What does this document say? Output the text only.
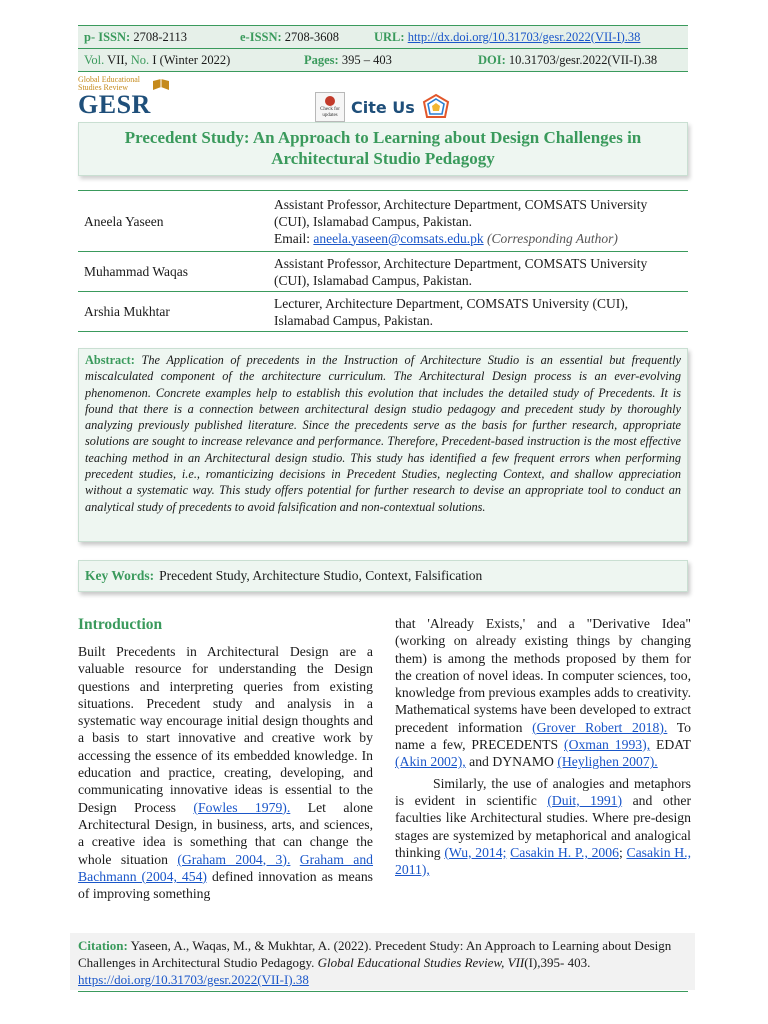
p- ISSN: 2708-2113	e-ISSN: 2708-3608	URL: http://dx.doi.org/10.31703/gesr.2022(VII-I).38
Vol. VII, No. I (Winter 2022)	Pages: 395 – 403	DOI: 10.31703/gesr.2022(VII-I).38
Global Educational Studies Review
GESR	Check for
updates Cite Us
Precedent Study: An Approach to Learning about Design Challenges in Architectural Studio Pedagogy
Aneela Yaseen	Assistant Professor, Architecture Department, COMSATS University (CUI), Islamabad Campus, Pakistan.
Email: aneela.yaseen@comsats.edu.pk (Corresponding Author)
Muhammad Waqas	Assistant Professor, Architecture Department, COMSATS University (CUI), Islamabad Campus, Pakistan.
Arshia Mukhtar	Lecturer, Architecture Department, COMSATS University (CUI), Islamabad Campus, Pakistan.
Abstract: The Application of precedents in the Instruction of Architecture Studio is an essential but frequently miscalculated component of the architecture curriculum. The Architectural Design process is an ever-evolving phenomenon. Concrete examples help to establish this evolution that includes the detailed study of Precedents. It is found that there is a connection between architectural design studio pedagogy and precedent study by thoroughly analyzing previously published literature. Since the precedents serve as the basis for further research, appropriate solutions are sought to increase relevance and performance. Therefore, Precedent-based instruction is the most effective teaching method in an Architectural design studio. This study has identified a few frequent errors when performing precedent studies, i.e., romanticizing decisions in Precedent Studies, neglecting Context, and shallow appreciation without a systematic way. This study offers potential for further research to devise an appropriate tool to conduct an analytical study of precedents to avoid falsification and non-contextual solutions.
Key Words: Precedent Study, Architecture Studio, Context, Falsification
Introduction

Built Precedents in Architectural Design are a valuable resource for understanding the Design questions and interpreting queries from existing situations. Precedent study and analysis in a systematic way encourage initial design thoughts and a basis to start innovative and creative work by accessing the essence of its embedded knowledge. In education and practice, creating, developing, and communicating innovative ideas is essential to the Design Process (Fowles 1979). Let alone Architectural Design, in business, arts, and sciences, a creative idea is something that can change the whole situation (Graham 2004, 3). Graham and Bachmann (2004, 454) defined innovation as means of improving something

that 'Already Exists,' and a "Derivative Idea" (working on already existing things by changing them) is among the methods proposed by them for the creation of novel ideas. In computer sciences, too, knowledge from previous examples adds to creativity. Mathematical systems have been developed to extract precedent information (Grover Robert 2018). To name a few, PRECEDENTS (Oxman 1993), EDAT (Akin 2002), and DYNAMO (Heylighen 2007).

Similarly, the use of analogies and metaphors is evident in scientific (Duit, 1991) and other faculties like Architectural studies. Where pre-design stages are systemized by metaphorical and analogical thinking (Wu, 2014; Casakin H. P., 2006; Casakin H., 2011),

Citation: Yaseen, A., Waqas, M., & Mukhtar, A. (2022). Precedent Study: An Approach to Learning about Design Challenges in Architectural Studio Pedagogy. Global Educational Studies Review, VII(I),395- 403. https://doi.org/10.31703/gesr.2022(VII-I).38
